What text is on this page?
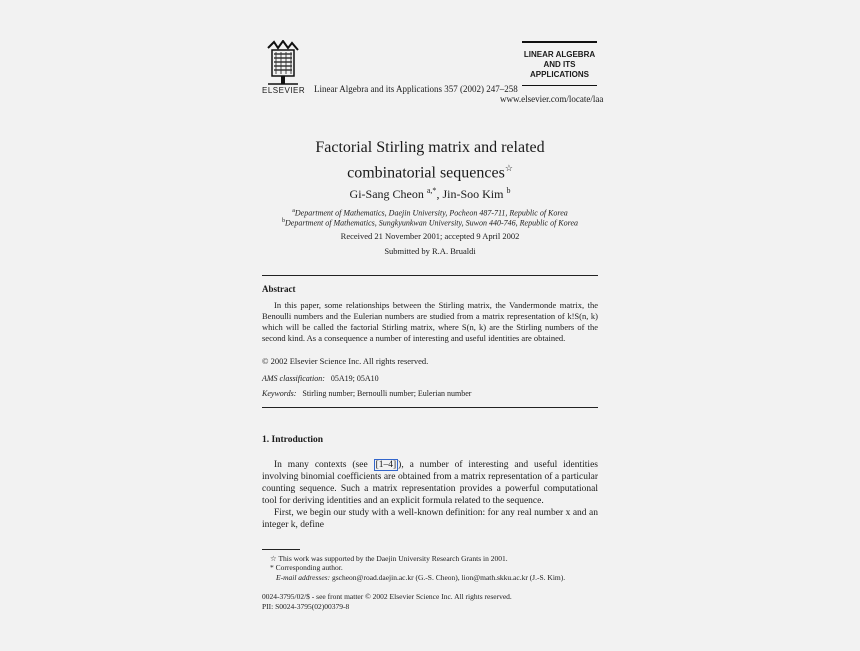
ELSEVIER Linear Algebra and its Applications 357 (2002) 247–258
LINEAR ALGEBRA
AND ITS
APPLICATIONS
www.elsevier.com/locate/laa
Factorial Stirling matrix and related
combinatorial sequences☆
Gi-Sang Cheon $^{a,*}$, Jin-Soo Kim $^b$
$^a$Department of Mathematics, Daejin University, Pocheon 487-711, Republic of Korea
$^b$Department of Mathematics, Sungkyunkwan University, Suwon 440-746, Republic of Korea
Received 21 November 2001; accepted 9 April 2002
Submitted by R.A. Brualdi
Abstract
In this paper, some relationships between the Stirling matrix, the Vandermonde matrix, the Benoulli numbers and the Eulerian numbers are studied from a matrix representation of k!S(n, k) which will be called the factorial Stirling matrix, where S(n, k) are the Stirling numbers of the second kind. As a consequence a number of interesting and useful identities are obtained.
© 2002 Elsevier Science Inc. All rights reserved.
AMS classification: 05A19; 05A10
Keywords: Stirling number; Bernoulli number; Eulerian number
1. Introduction
In many contexts (see [1–4] ), a number of interesting and useful identities involving binomial coefficients are obtained from a matrix representation of a particular counting sequence. Such a matrix representation provides a powerful computational tool for deriving identities and an explicit formula related to the sequence.
First, we begin our study with a well-known definition: for any real number x and an integer k, define
☆ This work was supported by the Daejin University Research Grants in 2001.
* Corresponding author.
E-mail addresses: gscheon@road.daejin.ac.kr (G.-S. Cheon), lion@math.skku.ac.kr (J.-S. Kim).
0024-3795/02/$ - see front matter © 2002 Elsevier Science Inc. All rights reserved.
PII: S0024-3795(02)00379-8
